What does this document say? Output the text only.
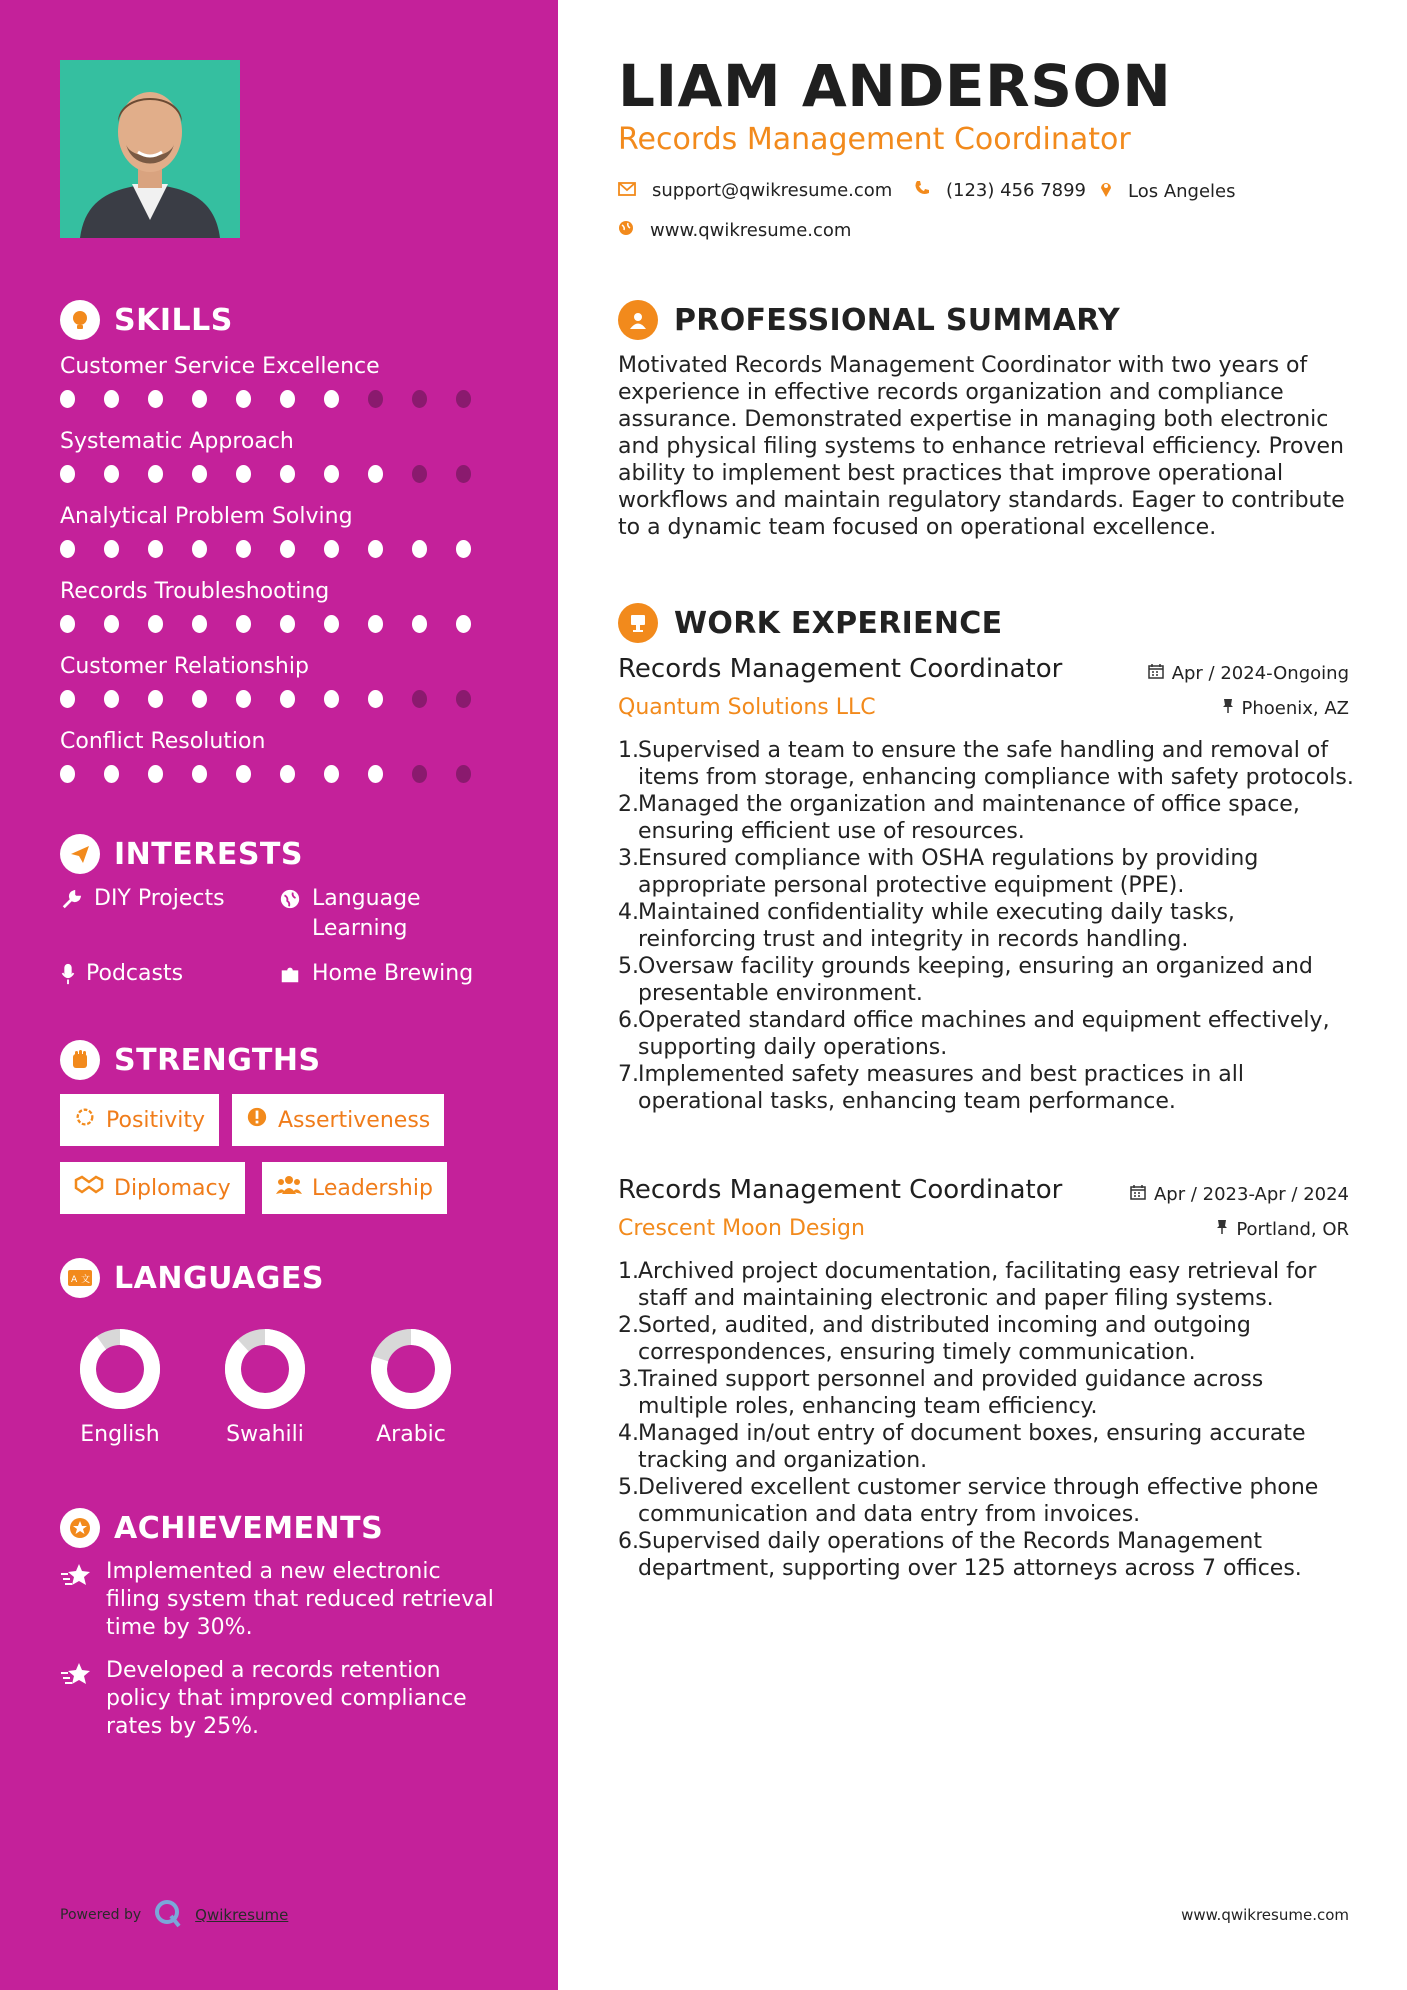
SKILLS
Customer Service Excellence
Systematic Approach
Analytical Problem Solving
Records Troubleshooting
Customer Relationship
Conflict Resolution
INTERESTS
DIY Projects	Language Learning
Podcasts	Home Brewing
STRENGTHS
Positivity	Assertiveness
Diplomacy	Leadership
A 文 LANGUAGES
English	Swahili	Arabic
ACHIEVEMENTS
Implemented a new electronic filing system that reduced retrieval time by 30%.
Developed a records retention policy that improved compliance rates by 25%.
Powered by	Qwikresume
LIAM ANDERSON
Records Management Coordinator
support@qwikresume.com	(123) 456 7899 Los Angeles
www.qwikresume.com
PROFESSIONAL SUMMARY

Motivated Records Management Coordinator with two years of experience in effective records organization and compliance assurance. Demonstrated expertise in managing both electronic and physical filing systems to enhance retrieval efficiency. Proven ability to implement best practices that improve operational workflows and maintain regulatory standards. Eager to contribute to a dynamic team focused on operational excellence.

WORK EXPERIENCE
Records Management Coordinator	Apr / 2024-Ongoing
Quantum Solutions LLC	Phoenix, AZ
1. Supervised a team to ensure the safe handling and removal of items from storage, enhancing compliance with safety protocols.
2. Managed the organization and maintenance of office space, ensuring efficient use of resources.
3. Ensured compliance with OSHA regulations by providing appropriate personal protective equipment (PPE).
4. Maintained confidentiality while executing daily tasks, reinforcing trust and integrity in records handling.
5. Oversaw facility grounds keeping, ensuring an organized and presentable environment.
6. Operated standard office machines and equipment effectively, supporting daily operations.
7. Implemented safety measures and best practices in all operational tasks, enhancing team performance.
Records Management Coordinator	Apr / 2023-Apr / 2024
Crescent Moon Design	Portland, OR
1. Archived project documentation, facilitating easy retrieval for staff and maintaining electronic and paper filing systems.
2. Sorted, audited, and distributed incoming and outgoing correspondences, ensuring timely communication.
3. Trained support personnel and provided guidance across multiple roles, enhancing team efficiency.
4. Managed in/out entry of document boxes, ensuring accurate tracking and organization.
5. Delivered excellent customer service through effective phone communication and data entry from invoices.
6. Supervised daily operations of the Records Management department, supporting over 125 attorneys across 7 offices.
www.qwikresume.com
